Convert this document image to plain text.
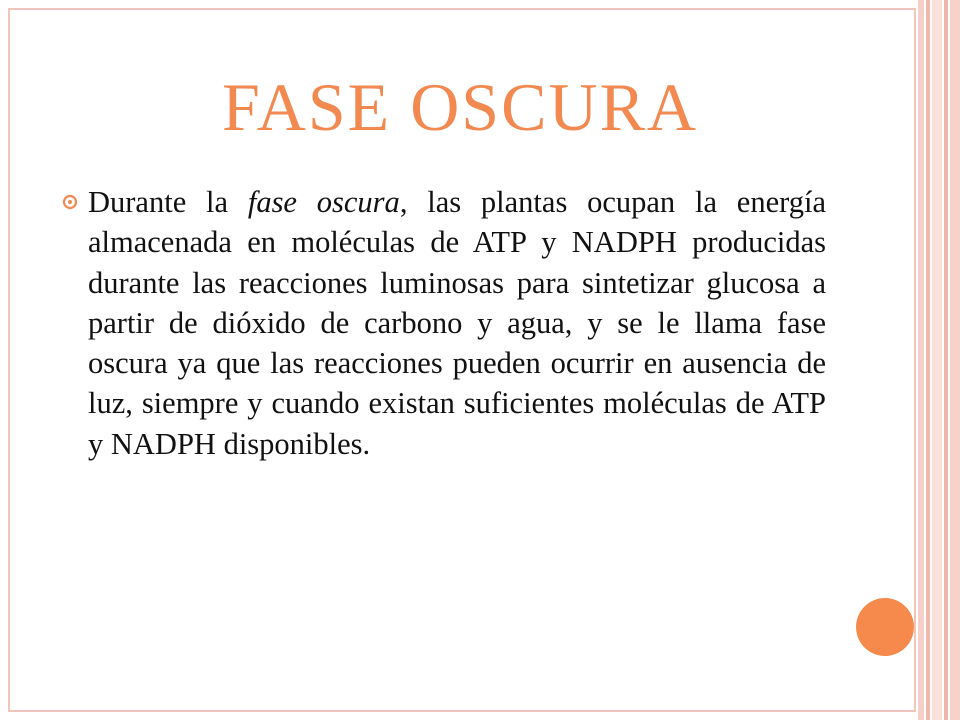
FASE OSCURA

Durante la fase oscura, las plantas ocupan la energía almacenada en moléculas de ATP y NADPH producidas durante las reacciones luminosas para sintetizar glucosa a partir de dióxido de carbono y agua, y se le llama fase oscura ya que las reacciones pueden ocurrir en ausencia de luz, siempre y cuando existan suficientes moléculas de ATP y NADPH disponibles.
